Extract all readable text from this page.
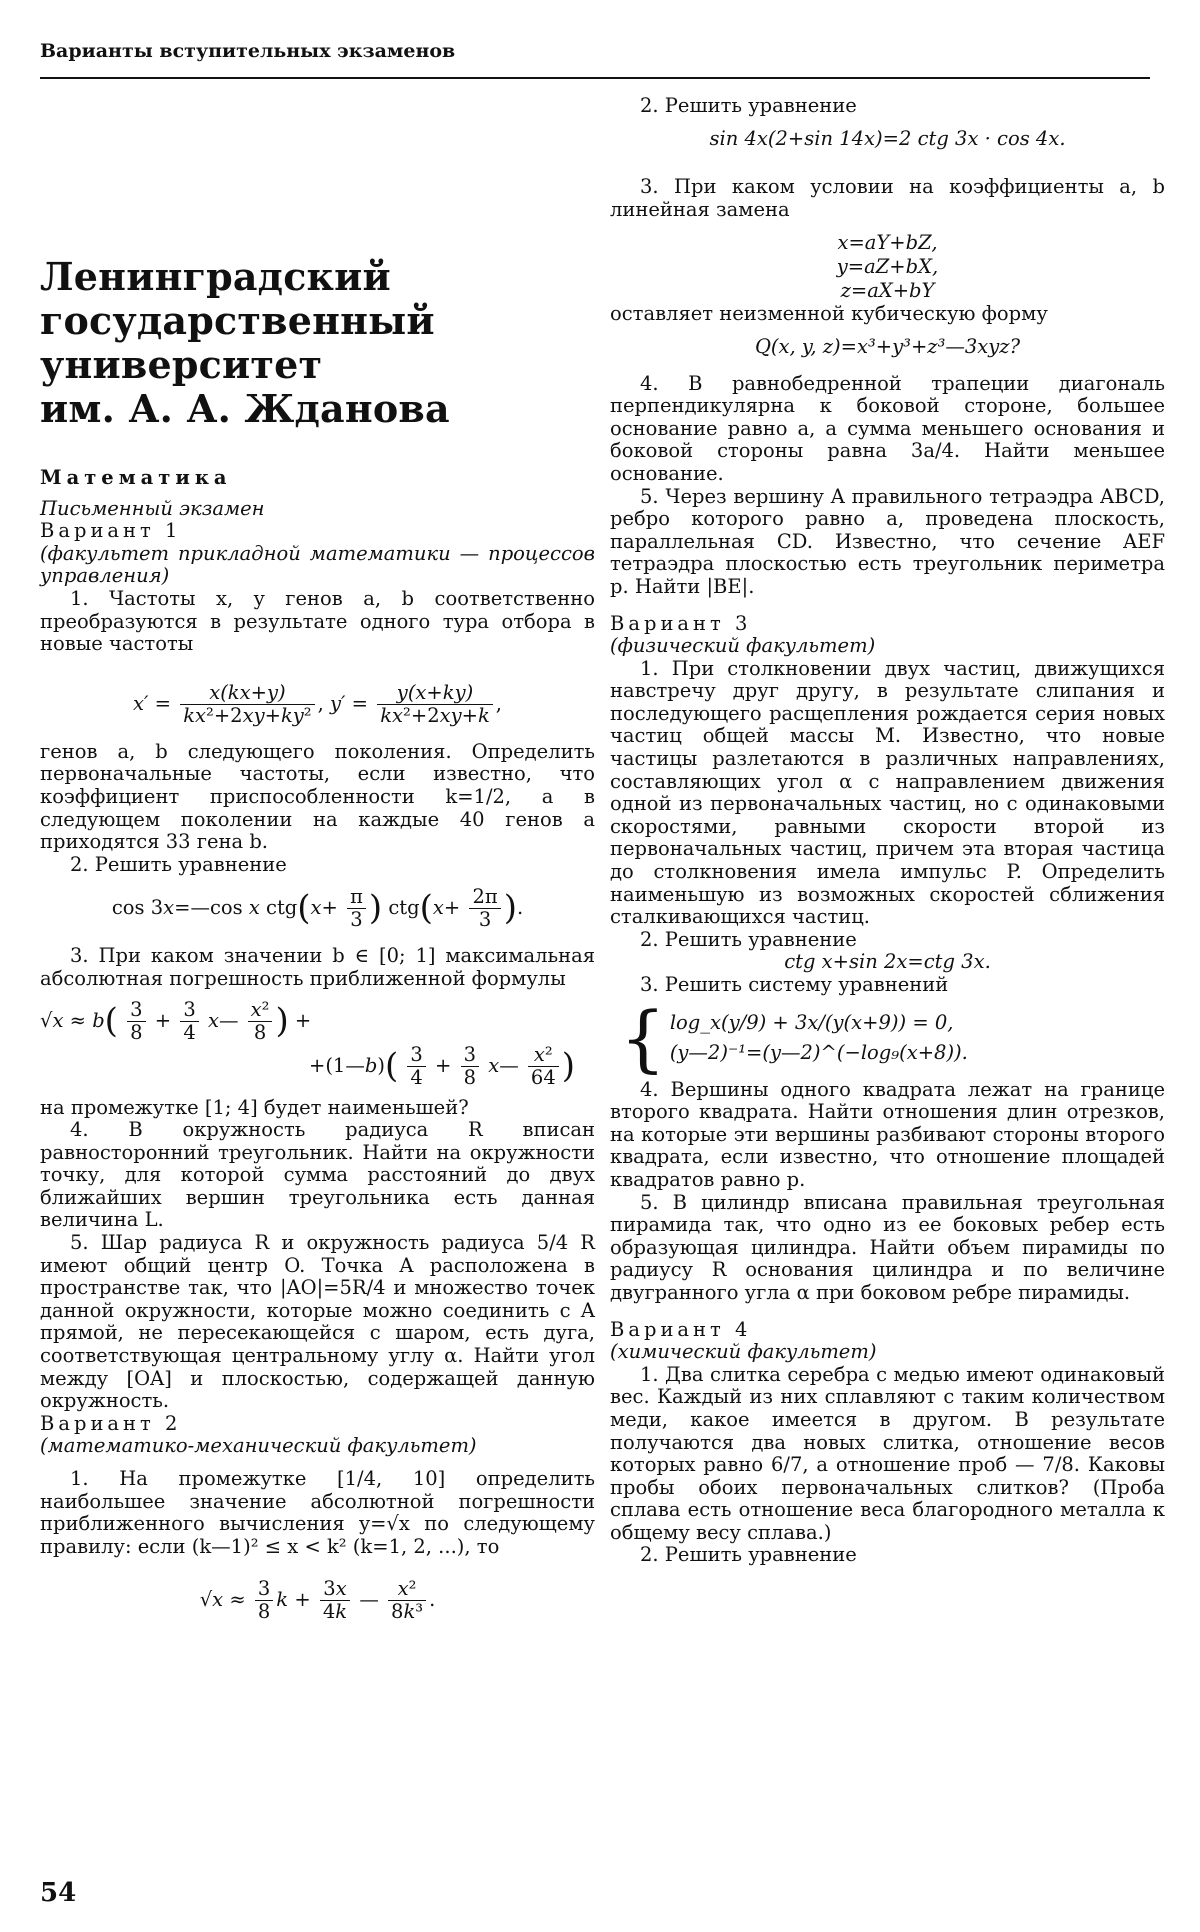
Варианты вступительных экзаменов
Ленинградский
государственный
университет
им. А. А. Жданова

Математика

Письменный экзамен

Вариант 1

(факультет прикладной математики — процессов управления)

1. Частоты x, y генов a, b соответственно преобразуются в результате одного тура отбора в новые частоты

$x' = \frac{x(kx+y)}{\text{kx²+2xy+ky²}}$ , $y' = \frac{y(x+ky)}{\text{kx²+2xy+k}}$ ,

генов a, b следующего поколения. Определить первоначальные частоты, если известно, что коэффициент приспособленности k=1/2, а в следующем поколении на каждые 40 генов a приходятся 33 гена b.

2. Решить уравнение

cos 3x=—cos x $ctg(x+ \frac{\pi}{3}$ ) $ctg(x+ \frac{2\pi}{3}$ ).

3. При каком значении b ∈ [0; 1] максимальная абсолютная погрешность приближенной формулы

$√x \approx b( \frac{3}{8} + \frac{3}{4}$ x— $\frac{\text{x²}}{8}$ ) +
+(1—b)( $\frac{3}{4} + \frac{3}{8}$ x— $\frac{\text{x²}}{64}$ )

на промежутке [1; 4] будет наименьшей?

4. В окружность радиуса R вписан равносторонний треугольник. Найти на окружности точку, для которой сумма расстояний до двух ближайших вершин треугольника есть данная величина L.

5. Шар радиуса R и окружность радиуса 5/4 R имеют общий центр O. Точка A расположена в пространстве так, что |AO|=5R/4 и множество точек данной окружности, которые можно соединить с A прямой, не пересекающейся с шаром, есть дуга, соответствующая центральному углу α. Найти угол между [OA] и плоскостью, содержащей данную окружность.

Вариант 2

(математико-механический факультет)

1. На промежутке [1/4, 10] определить наибольшее значение абсолютной погрешности приближенного вычисления y=√x по следующему правилу: если (k—1)² ≤ x < k² (k=1, 2, ...), то

$√x \approx \frac{3}{8}$ $k + \frac{3x}{4k}$ — $\frac{\text{x²}}{\text{8k³}}$ .

2. Решить уравнение

sin 4x(2+sin 14x)=2 ctg 3x · cos 4x.

3. При каком условии на коэффициенты a, b линейная замена

x=aY+bZ,
y=aZ+bX,
z=aX+bY

оставляет неизменной кубическую форму

Q(x, y, z)=x³+y³+z³—3xyz?

4. В равнобедренной трапеции диагональ перпендикулярна к боковой стороне, большее основание равно a, а сумма меньшего основания и боковой стороны равна 3a/4. Найти меньшее основание.

5. Через вершину A правильного тетраэдра ABCD, ребро которого равно a, проведена плоскость, параллельная CD. Известно, что сечение AEF тетраэдра плоскостью есть треугольник периметра p. Найти |BE|.

Вариант 3

(физический факультет)

1. При столкновении двух частиц, движущихся навстречу друг другу, в результате слипания и последующего расщепления рождается серия новых частиц общей массы M. Известно, что новые частицы разлетаются в различных направлениях, составляющих угол α с направлением движения одной из первоначальных частиц, но с одинаковыми скоростями, равными скорости второй из первоначальных частиц, причем эта вторая частица до столкновения имела импульс P. Определить наименьшую из возможных скоростей сближения сталкивающихся частиц.

2. Решить уравнение

ctg x+sin 2x=ctg 3x.

3. Решить систему уравнений

{ log_x(y/9) + 3x/(y(x+9)) = 0,
(y—2)⁻¹=(y—2)^(−log₉(x+8)).

4. Вершины одного квадрата лежат на границе второго квадрата. Найти отношения длин отрезков, на которые эти вершины разбивают стороны второго квадрата, если известно, что отношение площадей квадратов равно p.

5. В цилиндр вписана правильная треугольная пирамида так, что одно из ее боковых ребер есть образующая цилиндра. Найти объем пирамиды по радиусу R основания цилиндра и по величине двугранного угла α при боковом ребре пирамиды.

Вариант 4

(химический факультет)

1. Два слитка серебра с медью имеют одинаковый вес. Каждый из них сплавляют с таким количеством меди, какое имеется в другом. В результате получаются два новых слитка, отношение весов которых равно 6/7, а отношение проб — 7/8. Каковы пробы обоих первоначальных слитков? (Проба сплава есть отношение веса благородного металла к общему весу сплава.)

2. Решить уравнение

54
